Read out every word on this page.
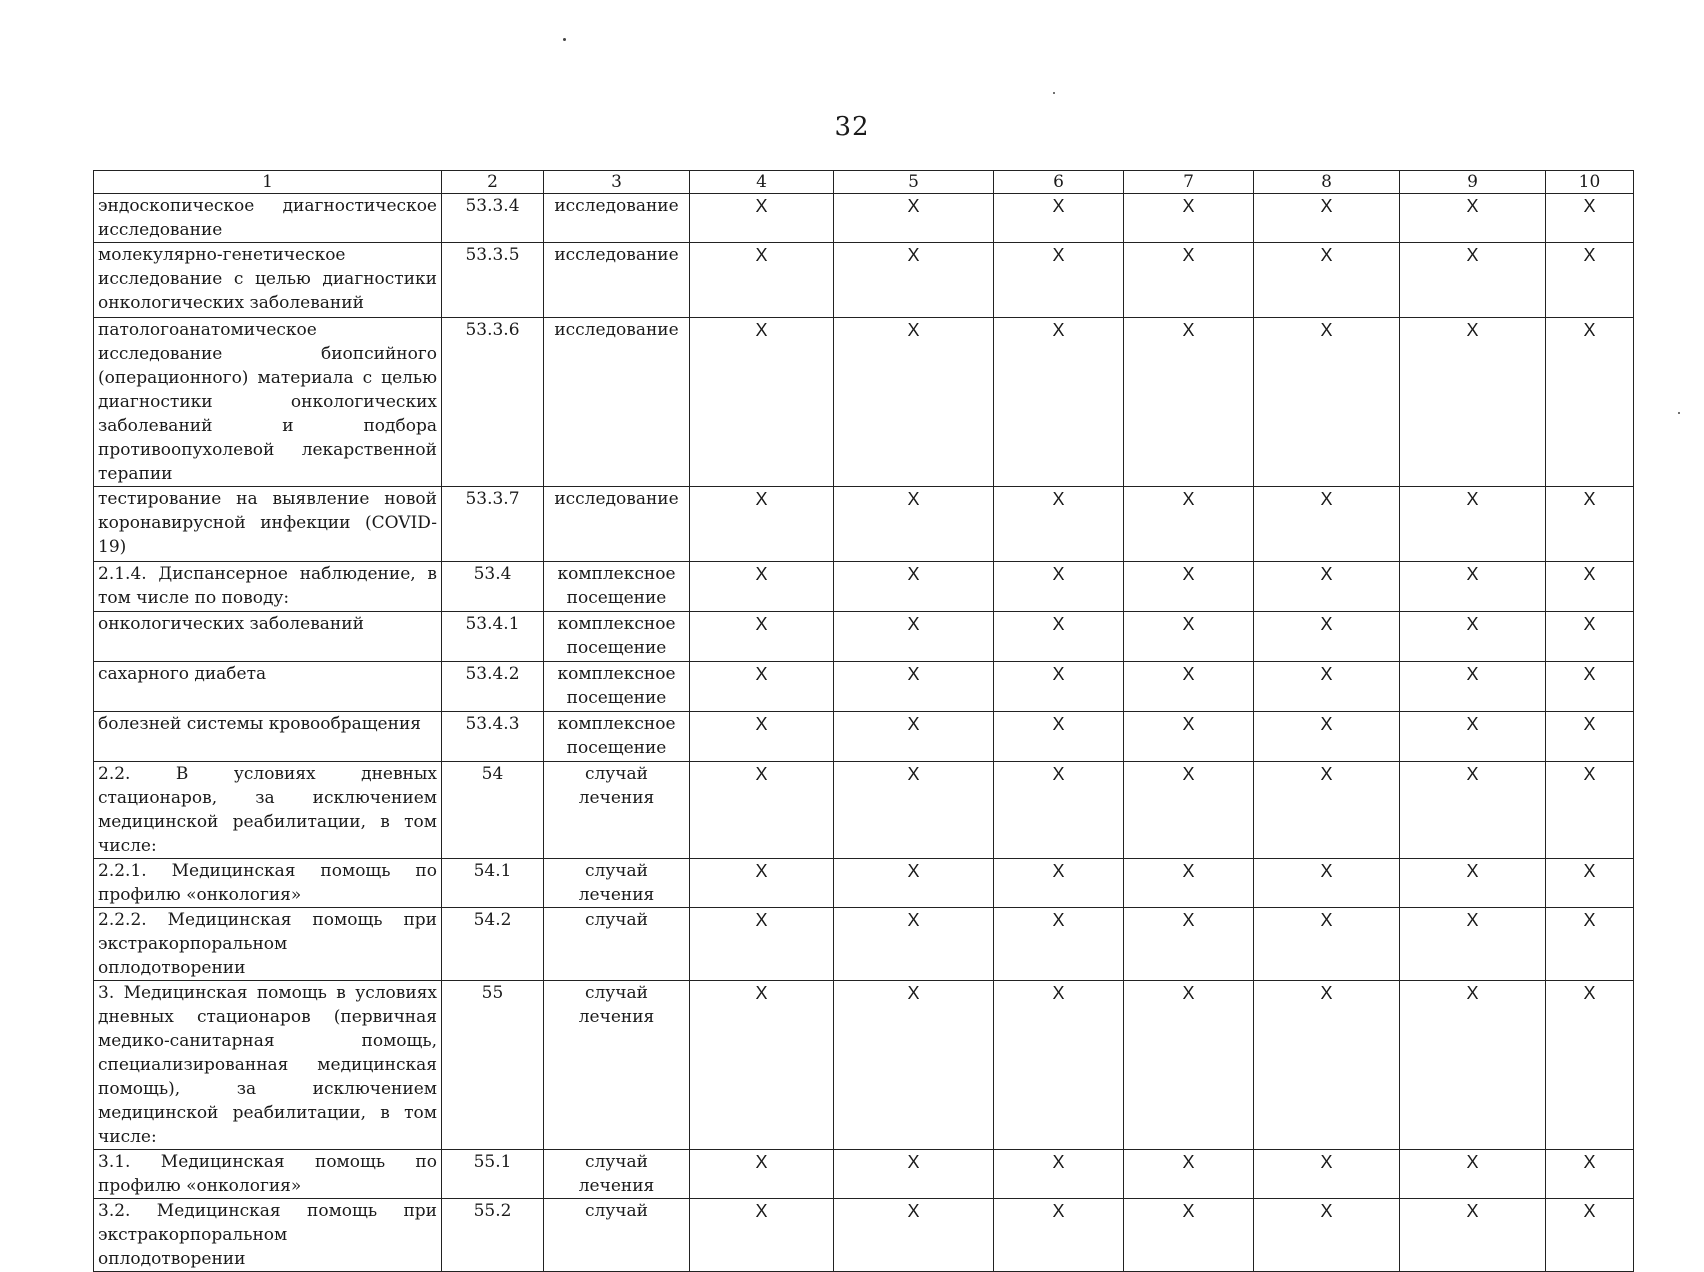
32
1	2	3	4	5	6	7	8	9	10
эндоскопическое диагностическое исследование	53.3.4	исследование	X	X	X	X	X	X	X
молекулярно-генетическое исследование с целью диагностики онкологических заболеваний	53.3.5	исследование	X	X	X	X	X	X	X
патологоанатомическое исследование биопсийного (операционного) материала с целью диагностики онкологических заболеваний и подбора противоопухолевой лекарственной терапии	53.3.6	исследование	X	X	X	X	X	X	X
тестирование на выявление новой коронавирусной инфекции (COVID-19)	53.3.7	исследование	X	X	X	X	X	X	X
2.1.4. Диспансерное наблюдение, в том числе по поводу:	53.4	комплексное посещение	X	X	X	X	X	X	X
онкологических заболеваний	53.4.1	комплексное посещение	X	X	X	X	X	X	X
сахарного диабета	53.4.2	комплексное посещение	X	X	X	X	X	X	X
болезней системы кровообращения	53.4.3	комплексное посещение	X	X	X	X	X	X	X
2.2. В условиях дневных стационаров, за исключением медицинской реабилитации, в том числе:	54	случай лечения	X	X	X	X	X	X	X
2.2.1. Медицинская помощь по профилю «онкология»	54.1	случай лечения	X	X	X	X	X	X	X
2.2.2. Медицинская помощь при экстракорпоральном оплодотворении	54.2	случай	X	X	X	X	X	X	X
3. Медицинская помощь в условиях дневных стационаров (первичная медико-санитарная помощь, специализированная медицинская помощь), за исключением медицинской реабилитации, в том числе:	55	случай лечения	X	X	X	X	X	X	X
3.1. Медицинская помощь по профилю «онкология»	55.1	случай лечения	X	X	X	X	X	X	X
3.2. Медицинская помощь при экстракорпоральном оплодотворении	55.2	случай	X	X	X	X	X	X	X
